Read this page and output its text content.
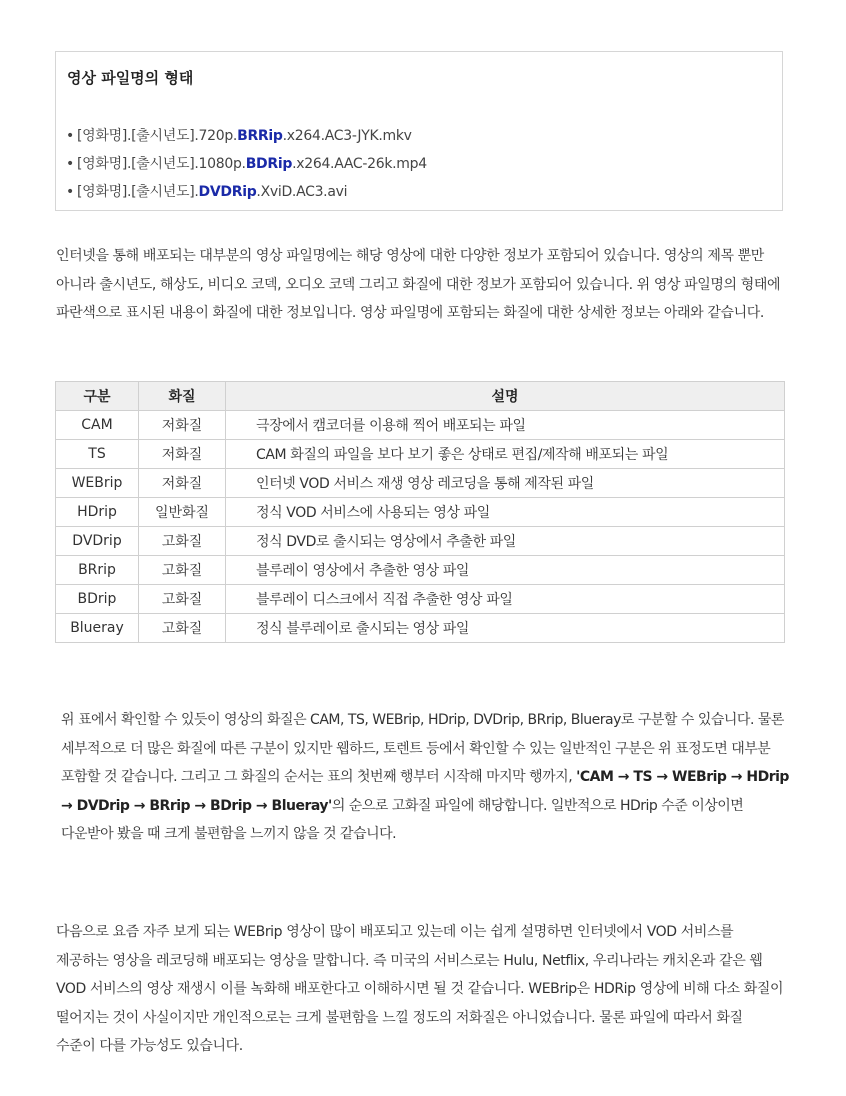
영상 파일명의 형태
• [영화명].[출시년도].720p.BRRip.x264.AC3-JYK.mkv
• [영화명].[출시년도].1080p.BDRip.x264.AAC-26k.mp4
• [영화명].[출시년도].DVDRip.XviD.AC3.avi
인터넷을 통해 배포되는 대부분의 영상 파일명에는 해당 영상에 대한 다양한 정보가 포함되어 있습니다. 영상의 제목 뿐만 아니라 출시년도, 해상도, 비디오 코덱, 오디오 코덱 그리고 화질에 대한 정보가 포함되어 있습니다. 위 영상 파일명의 형태에 파란색으로 표시된 내용이 화질에 대한 정보입니다. 영상 파일명에 포함되는 화질에 대한 상세한 정보는 아래와 같습니다.
구분	화질	설명
CAM	저화질	극장에서 캠코더를 이용해 찍어 배포되는 파일
TS	저화질	CAM 화질의 파일을 보다 보기 좋은 상태로 편집/제작해 배포되는 파일
WEBrip	저화질	인터넷 VOD 서비스 재생 영상 레코딩을 통해 제작된 파일
HDrip	일반화질	정식 VOD 서비스에 사용되는 영상 파일
DVDrip	고화질	정식 DVD로 출시되는 영상에서 추출한 파일
BRrip	고화질	블루레이 영상에서 추출한 영상 파일
BDrip	고화질	블루레이 디스크에서 직접 추출한 영상 파일
Blueray	고화질	정식 블루레이로 출시되는 영상 파일
위 표에서 확인할 수 있듯이 영상의 화질은 CAM, TS, WEBrip, HDrip, DVDrip, BRrip, Blueray로 구분할 수 있습니다. 물론 세부적으로 더 많은 화질에 따른 구분이 있지만 웹하드, 토렌트 등에서 확인할 수 있는 일반적인 구분은 위 표정도면 대부분 포함할 것 같습니다. 그리고 그 화질의 순서는 표의 첫번째 행부터 시작해 마지막 행까지, 'CAM → TS → WEBrip → HDrip → DVDrip → BRrip → BDrip → Blueray'의 순으로 고화질 파일에 해당합니다. 일반적으로 HDrip 수준 이상이면 다운받아 봤을 때 크게 불편함을 느끼지 않을 것 같습니다.
다음으로 요즘 자주 보게 되는 WEBrip 영상이 많이 배포되고 있는데 이는 쉽게 설명하면 인터넷에서 VOD 서비스를 제공하는 영상을 레코딩해 배포되는 영상을 말합니다. 즉 미국의 서비스로는 Hulu, Netflix, 우리나라는 캐치온과 같은 웹 VOD 서비스의 영상 재생시 이를 녹화해 배포한다고 이해하시면 될 것 같습니다. WEBrip은 HDRip 영상에 비해 다소 화질이 떨어지는 것이 사실이지만 개인적으로는 크게 불편함을 느낄 정도의 저화질은 아니었습니다. 물론 파일에 따라서 화질 수준이 다를 가능성도 있습니다.
